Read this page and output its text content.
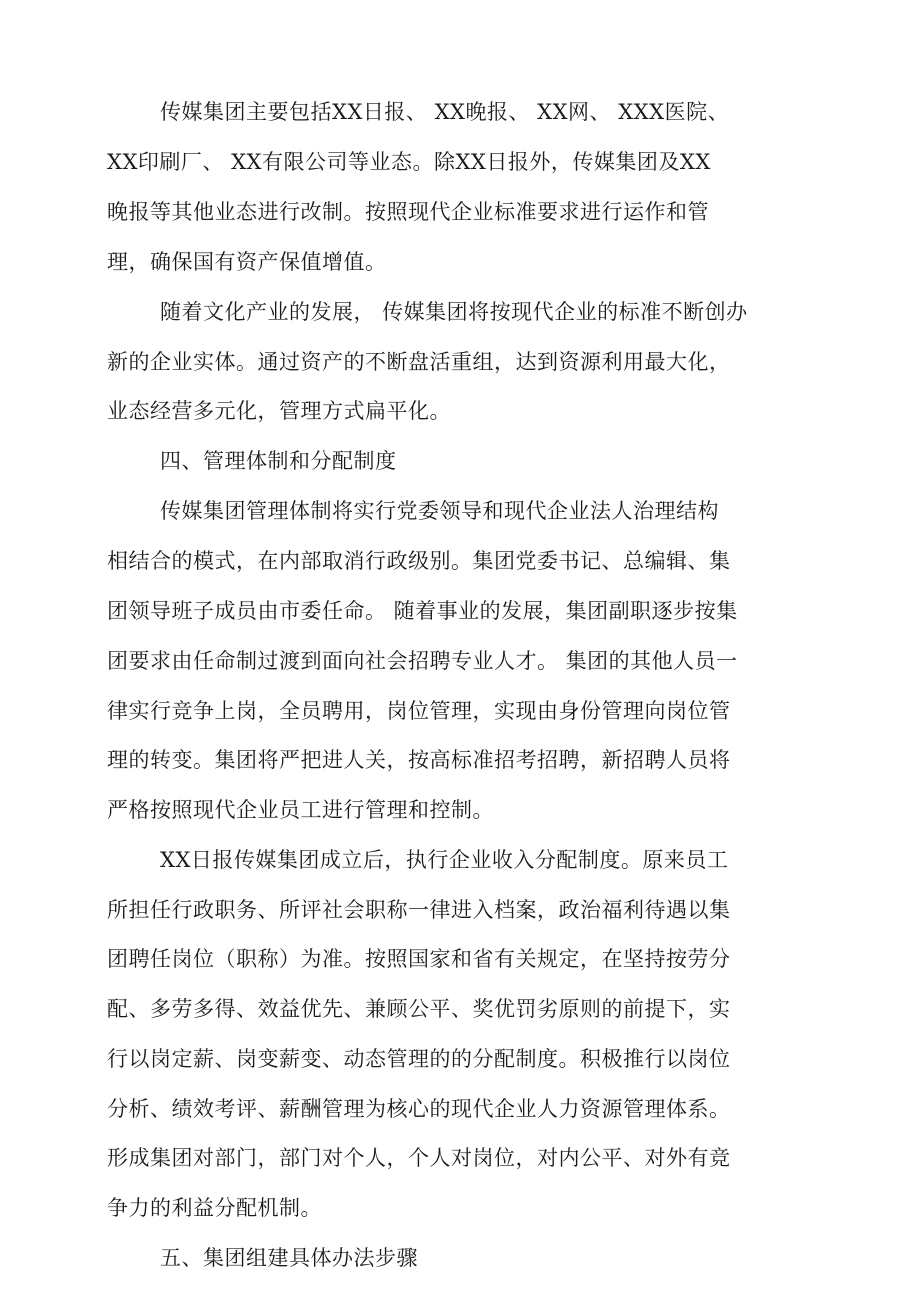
传媒集团主要包括XX日报、 XX晚报、 XX网、 XXX医院、
XX印刷厂、 XX有限公司等业态。除XX日报外，传媒集团及XX
晚报等其他业态进行改制。按照现代企业标准要求进行运作和管
理，确保国有资产保值增值。
随着文化产业的发展， 传媒集团将按现代企业的标准不断创办
新的企业实体。通过资产的不断盘活重组，达到资源利用最大化，
业态经营多元化，管理方式扁平化。
四、管理体制和分配制度
传媒集团管理体制将实行党委领导和现代企业法人治理结构
相结合的模式，在内部取消行政级别。集团党委书记、总编辑、集
团领导班子成员由市委任命。 随着事业的发展，集团副职逐步按集
团要求由任命制过渡到面向社会招聘专业人才。 集团的其他人员一
律实行竞争上岗，全员聘用，岗位管理，实现由身份管理向岗位管
理的转变。集团将严把进人关，按高标准招考招聘，新招聘人员将
严格按照现代企业员工进行管理和控制。
XX日报传媒集团成立后，执行企业收入分配制度。原来员工
所担任行政职务、所评社会职称一律进入档案，政治福利待遇以集
团聘任岗位（职称）为准。按照国家和省有关规定，在坚持按劳分
配、多劳多得、效益优先、兼顾公平、奖优罚劣原则的前提下，实
行以岗定薪、岗变薪变、动态管理的的分配制度。积极推行以岗位
分析、绩效考评、薪酬管理为核心的现代企业人力资源管理体系。
形成集团对部门，部门对个人，个人对岗位，对内公平、对外有竞
争力的利益分配机制。
五、集团组建具体办法步骤
